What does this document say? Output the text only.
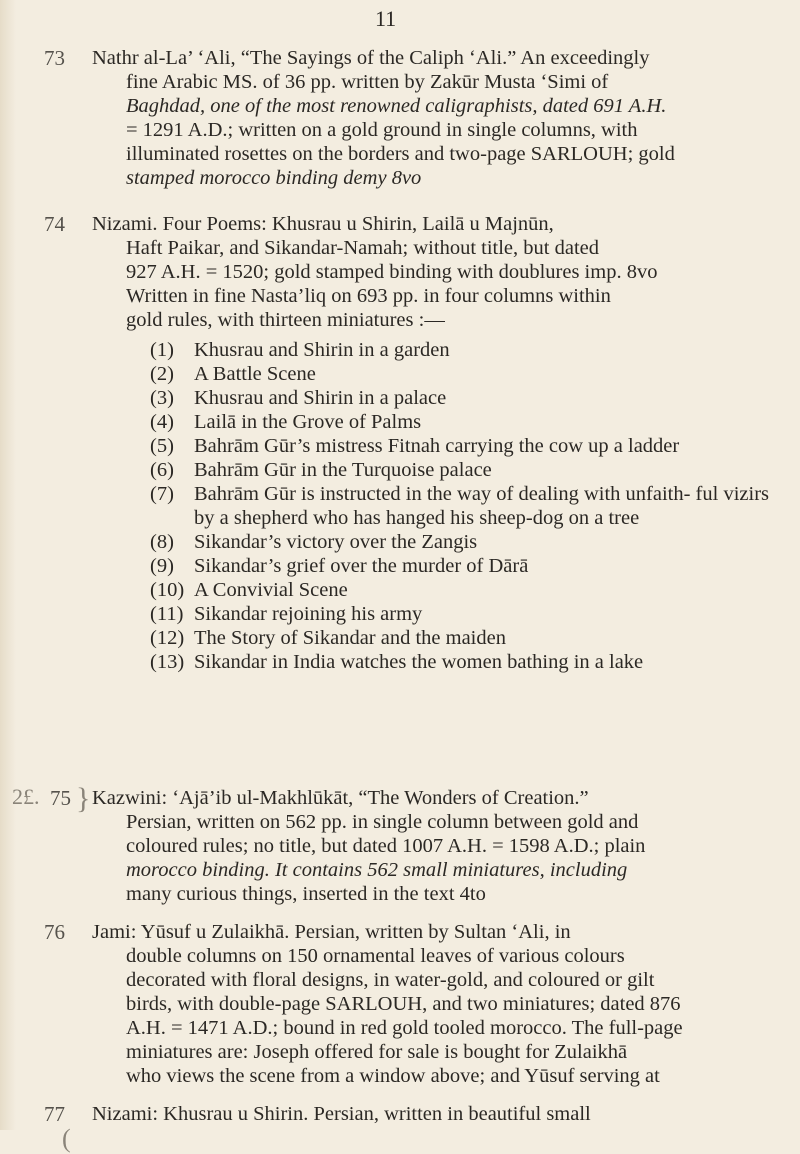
11
73 Nathr al-La’ ‘Ali, “The Sayings of the Caliph ‘Ali.” An exceedingly
fine Arabic MS. of 36 pp. written by Zakūr Musta ‘Simi of
Baghdad, one of the most renowned caligraphists, dated 691 A.H.
= 1291 A.D.; written on a gold ground in single columns, with
illuminated rosettes on the borders and two-page SARLOUH; gold
stamped morocco binding demy 8vo
74 Nizami. Four Poems: Khusrau u Shirin, Lailā u Majnūn,
Haft Paikar, and Sikandar-Namah; without title, but dated
927 A.H. = 1520; gold stamped binding with doublures imp. 8vo
Written in fine Nasta’liq on 693 pp. in four columns within
gold rules, with thirteen miniatures :—
(1) Khusrau and Shirin in a garden
(2) A Battle Scene
(3) Khusrau and Shirin in a palace
(4) Lailā in the Grove of Palms
(5) Bahrām Gūr’s mistress Fitnah carrying the cow up a ladder
(6) Bahrām Gūr in the Turquoise palace
(7) Bahrām Gūr is instructed in the way of dealing with unfaith- ful vizirs by a shepherd who has hanged his sheep-dog on a tree
(8) Sikandar’s victory over the Zangis
(9) Sikandar’s grief over the murder of Dārā
(10) A Convivial Scene
(11) Sikandar rejoining his army
(12) The Story of Sikandar and the maiden
(13) Sikandar in India watches the women bathing in a lake
2£. }
75 Kazwini: ‘Ajā’ib ul-Makhlūkāt, “The Wonders of Creation.”
Persian, written on 562 pp. in single column between gold and
coloured rules; no title, but dated 1007 A.H. = 1598 A.D.; plain
morocco binding. It contains 562 small miniatures, including
many curious things, inserted in the text 4to
76 Jami: Yūsuf u Zulaikhā. Persian, written by Sultan ‘Ali, in
double columns on 150 ornamental leaves of various colours
decorated with floral designs, in water-gold, and coloured or gilt
birds, with double-page SARLOUH, and two miniatures; dated 876
A.H. = 1471 A.D.; bound in red gold tooled morocco. The full-page
miniatures are: Joseph offered for sale is bought for Zulaikhā
who views the scene from a window above; and Yūsuf serving at
(
77 Nizami: Khusrau u Shirin. Persian, written in beautiful small
